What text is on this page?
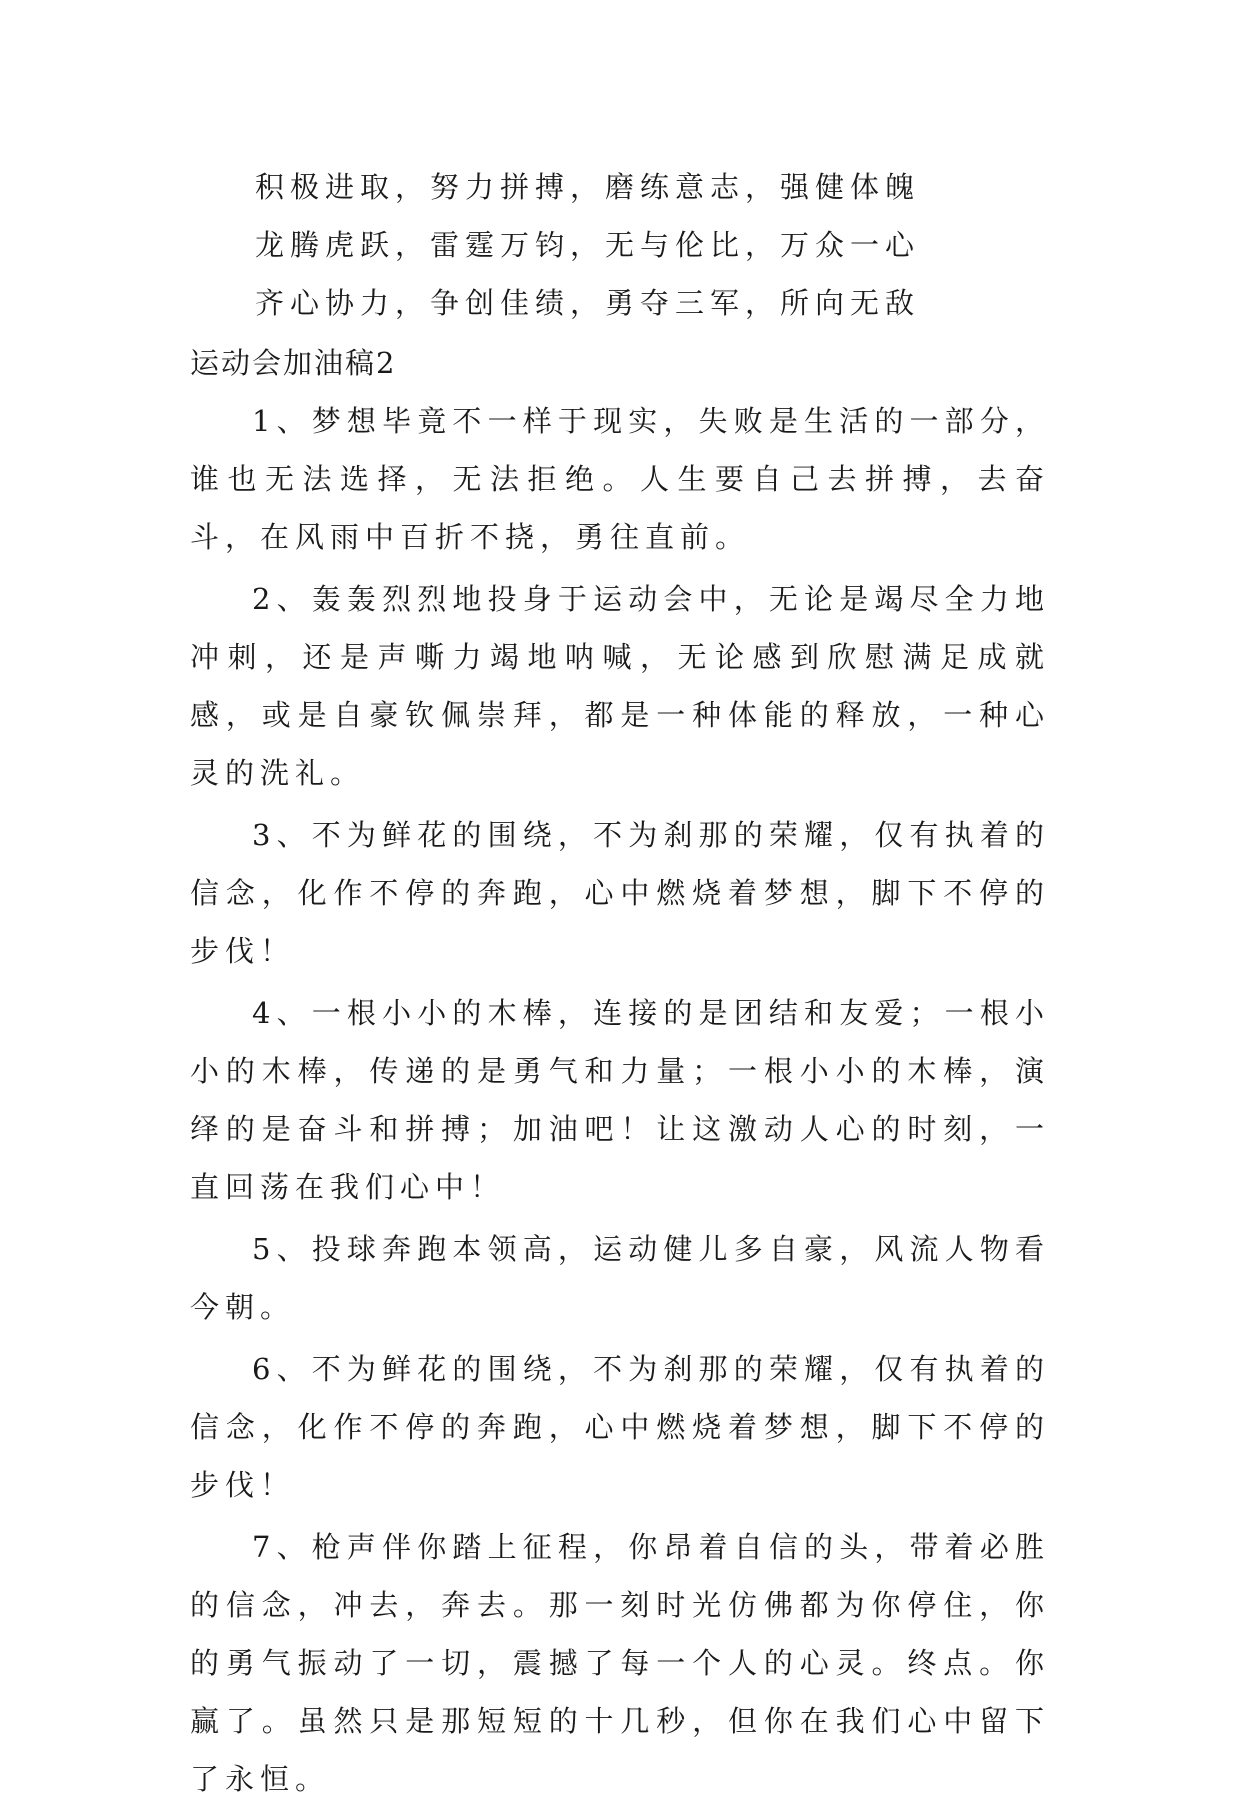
积极进取，努力拼搏，磨练意志，强健体魄
龙腾虎跃，雷霆万钧，无与伦比，万众一心
齐心协力，争创佳绩，勇夺三军，所向无敌
运动会加油稿2

1、梦想毕竟不一样于现实，失败是生活的一部分，谁也无法选择，无法拒绝。人生要自己去拼搏，去奋斗，在风雨中百折不挠，勇往直前。

2、轰轰烈烈地投身于运动会中，无论是竭尽全力地冲刺，还是声嘶力竭地呐喊，无论感到欣慰满足成就感，或是自豪钦佩崇拜，都是一种体能的释放，一种心灵的洗礼。

3、不为鲜花的围绕，不为刹那的荣耀，仅有执着的信念，化作不停的奔跑，心中燃烧着梦想，脚下不停的步伐！

4、一根小小的木棒，连接的是团结和友爱；一根小小的木棒，传递的是勇气和力量；一根小小的木棒，演绎的是奋斗和拼搏；加油吧！让这激动人心的时刻，一直回荡在我们心中！

5、投球奔跑本领高，运动健儿多自豪，风流人物看今朝。

6、不为鲜花的围绕，不为刹那的荣耀，仅有执着的信念，化作不停的奔跑，心中燃烧着梦想，脚下不停的步伐！

7、枪声伴你踏上征程，你昂着自信的头，带着必胜的信念，冲去，奔去。那一刻时光仿佛都为你停住，你的勇气振动了一切，震撼了每一个人的心灵。终点。你赢了。虽然只是那短短的十几秒，但你在我们心中留下了永恒。
